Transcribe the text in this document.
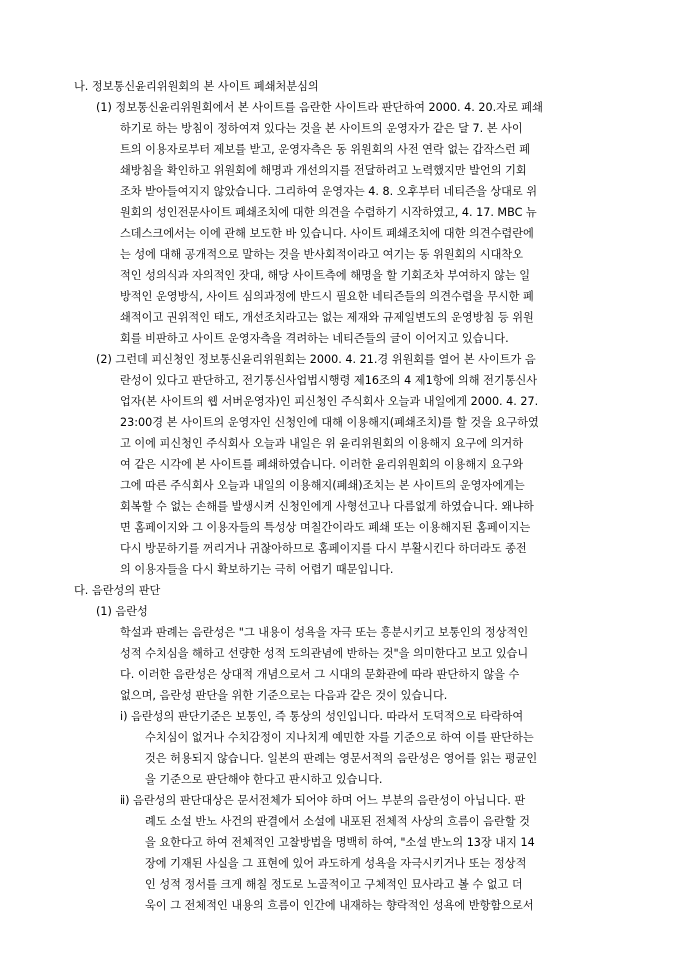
나. 정보통신윤리위원회의 본 사이트 폐쇄처분심의
(1) 정보통신윤리위원회에서 본 사이트를 음란한 사이트라 판단하여 2000. 4. 20.자로 폐쇄
하기로 하는 방침이 정하여져 있다는 것을 본 사이트의 운영자가 같은 달 7. 본 사이
트의 이용자로부터 제보를 받고, 운영자측은 동 위원회의 사전 연락 없는 갑작스런 폐
쇄방침을 확인하고 위원회에 해명과 개선의지를 전달하려고 노력했지만 발언의 기회
조차 받아들여지지 않았습니다. 그리하여 운영자는 4. 8. 오후부터 네티즌을 상대로 위
원회의 성인전문사이트 폐쇄조치에 대한 의견을 수렴하기 시작하였고, 4. 17. MBC 뉴
스데스크에서는 이에 관해 보도한 바 있습니다. 사이트 폐쇄조치에 대한 의견수렴란에
는 성에 대해 공개적으로 말하는 것을 반사회적이라고 여기는 동 위원회의 시대착오
적인 성의식과 자의적인 잣대, 해당 사이트측에 해명을 할 기회조차 부여하지 않는 일
방적인 운영방식, 사이트 심의과정에 반드시 필요한 네티즌들의 의견수렴을 무시한 폐
쇄적이고 권위적인 태도, 개선조치라고는 없는 제재와 규제일변도의 운영방침 등 위원
회를 비판하고 사이트 운영자측을 격려하는 네티즌들의 글이 이어지고 있습니다.
(2) 그런데 피신청인 정보통신윤리위원회는 2000. 4. 21.경 위원회를 열어 본 사이트가 음
란성이 있다고 판단하고, 전기통신사업법시행령 제16조의 4 제1항에 의해 전기통신사
업자(본 사이트의 웹 서버운영자)인 피신청인 주식회사 오늘과 내일에게 2000. 4. 27.
23:00경 본 사이트의 운영자인 신청인에 대해 이용해지(폐쇄조치)를 할 것을 요구하였
고 이에 피신청인 주식회사 오늘과 내일은 위 윤리위원회의 이용해지 요구에 의거하
여 같은 시각에 본 사이트를 폐쇄하였습니다. 이러한 윤리위원회의 이용해지 요구와
그에 따른 주식회사 오늘과 내일의 이용해지(폐쇄)조치는 본 사이트의 운영자에게는
회복할 수 없는 손해를 발생시켜 신청인에게 사형선고나 다름없게 하였습니다. 왜냐하
면 홈페이지와 그 이용자들의 특성상 며칠간이라도 폐쇄 또는 이용해지된 홈페이지는
다시 방문하기를 꺼리거나 귀찮아하므로 홈페이지를 다시 부활시킨다 하더라도 종전
의 이용자들을 다시 확보하기는 극히 어렵기 때문입니다.
다. 음란성의 판단
(1) 음란성
학설과 판례는 음란성은 "그 내용이 성욕을 자극 또는 흥분시키고 보통인의 정상적인
성적 수치심을 해하고 선량한 성적 도의관념에 반하는 것"을 의미한다고 보고 있습니
다. 이러한 음란성은 상대적 개념으로서 그 시대의 문화관에 따라 판단하지 않을 수
없으며, 음란성 판단을 위한 기준으로는 다음과 같은 것이 있습니다.
ⅰ) 음란성의 판단기준은 보통인, 즉 통상의 성인입니다. 따라서 도덕적으로 타락하여
수치심이 없거나 수치감정이 지나치게 예민한 자를 기준으로 하여 이를 판단하는
것은 허용되지 않습니다. 일본의 판례는 영문서적의 음란성은 영어를 읽는 평균인
을 기준으로 판단해야 한다고 판시하고 있습니다.
ⅱ) 음란성의 판단대상은 문서전체가 되어야 하며 어느 부분의 음란성이 아닙니다. 판
례도 소설 반노 사건의 판결에서 소설에 내포된 전체적 사상의 흐름이 음란할 것
을 요한다고 하여 전체적인 고찰방법을 명백히 하여, "소설 반노의 13장 내지 14
장에 기재된 사실을 그 표현에 있어 과도하게 성욕을 자극시키거나 또는 정상적
인 성적 정서를 크게 해칠 정도로 노골적이고 구체적인 묘사라고 볼 수 없고 더
욱이 그 전체적인 내용의 흐름이 인간에 내재하는 향락적인 성욕에 반항함으로서
